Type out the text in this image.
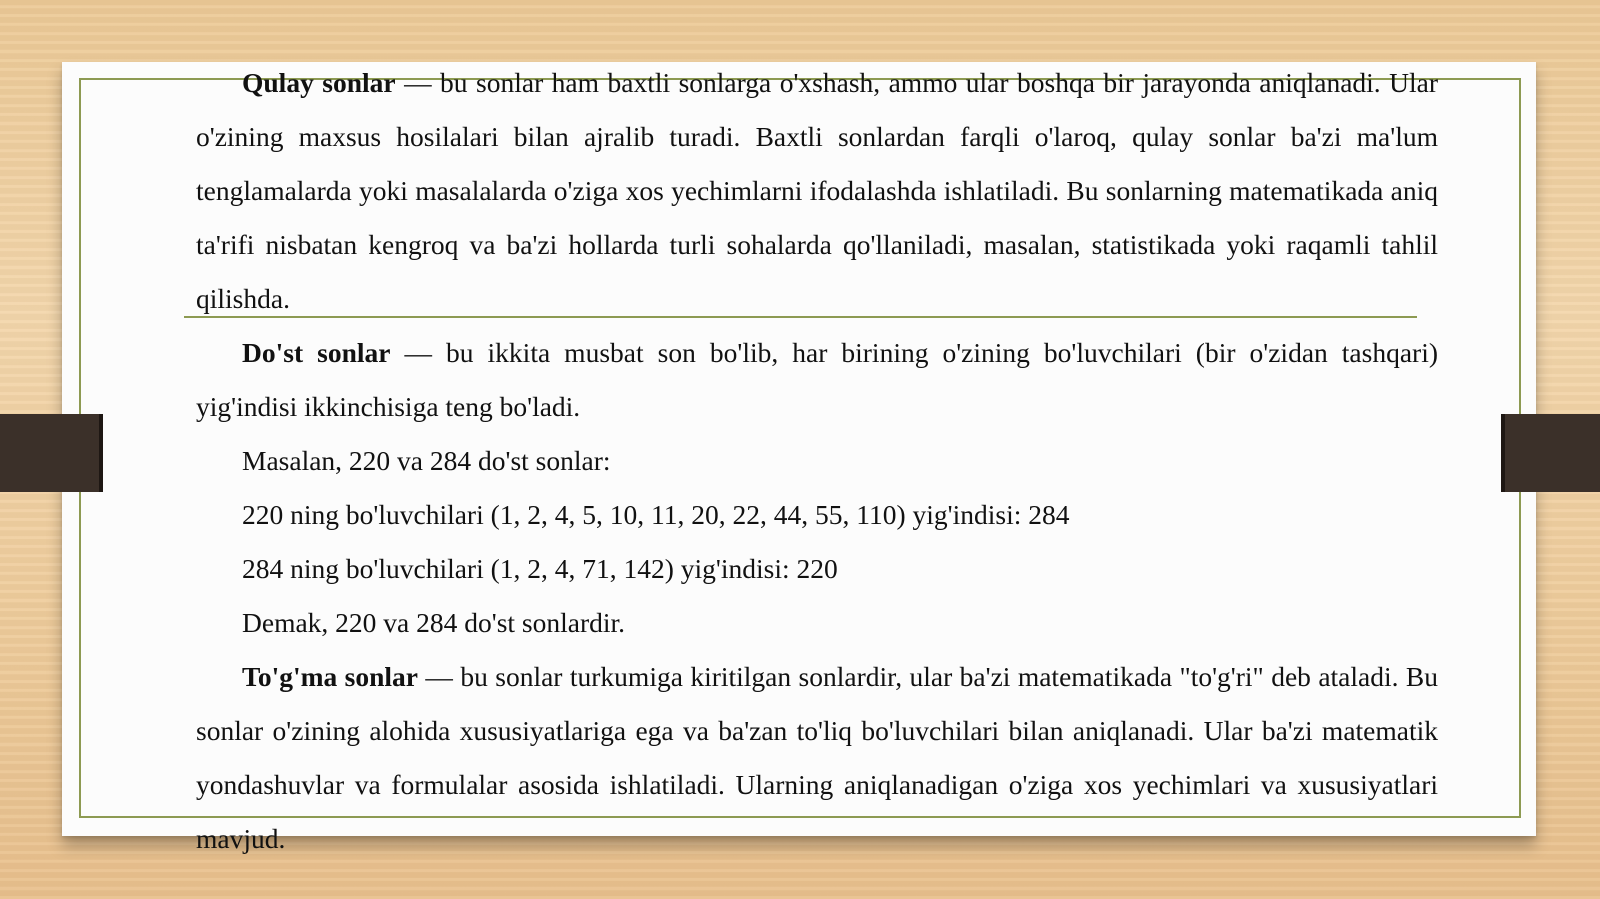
Qulay sonlar — bu sonlar ham baxtli sonlarga o'xshash, ammo ular boshqa bir jarayonda aniqlanadi. Ular o'zining maxsus hosilalari bilan ajralib turadi. Baxtli sonlardan farqli o'laroq, qulay sonlar ba'zi ma'lum tenglamalarda yoki masalalarda o'ziga xos yechimlarni ifodalashda ishlatiladi. Bu sonlarning matematikada aniq ta'rifi nisbatan kengroq va ba'zi hollarda turli sohalarda qo'llaniladi, masalan, statistikada yoki raqamli tahlil qilishda.

Do'st sonlar — bu ikkita musbat son bo'lib, har birining o'zining bo'luvchilari (bir o'zidan tashqari) yig'indisi ikkinchisiga teng bo'ladi.

Masalan, 220 va 284 do'st sonlar:

220 ning bo'luvchilari (1, 2, 4, 5, 10, 11, 20, 22, 44, 55, 110) yig'indisi: 284

284 ning bo'luvchilari (1, 2, 4, 71, 142) yig'indisi: 220

Demak, 220 va 284 do'st sonlardir.

To'g'ma sonlar — bu sonlar turkumiga kiritilgan sonlardir, ular ba'zi matematikada "to'g'ri" deb ataladi. Bu sonlar o'zining alohida xususiyatlariga ega va ba'zan to'liq bo'luvchilari bilan aniqlanadi. Ular ba'zi matematik yondashuvlar va formulalar asosida ishlatiladi. Ularning aniqlanadigan o'ziga xos yechimlari va xususiyatlari mavjud.
